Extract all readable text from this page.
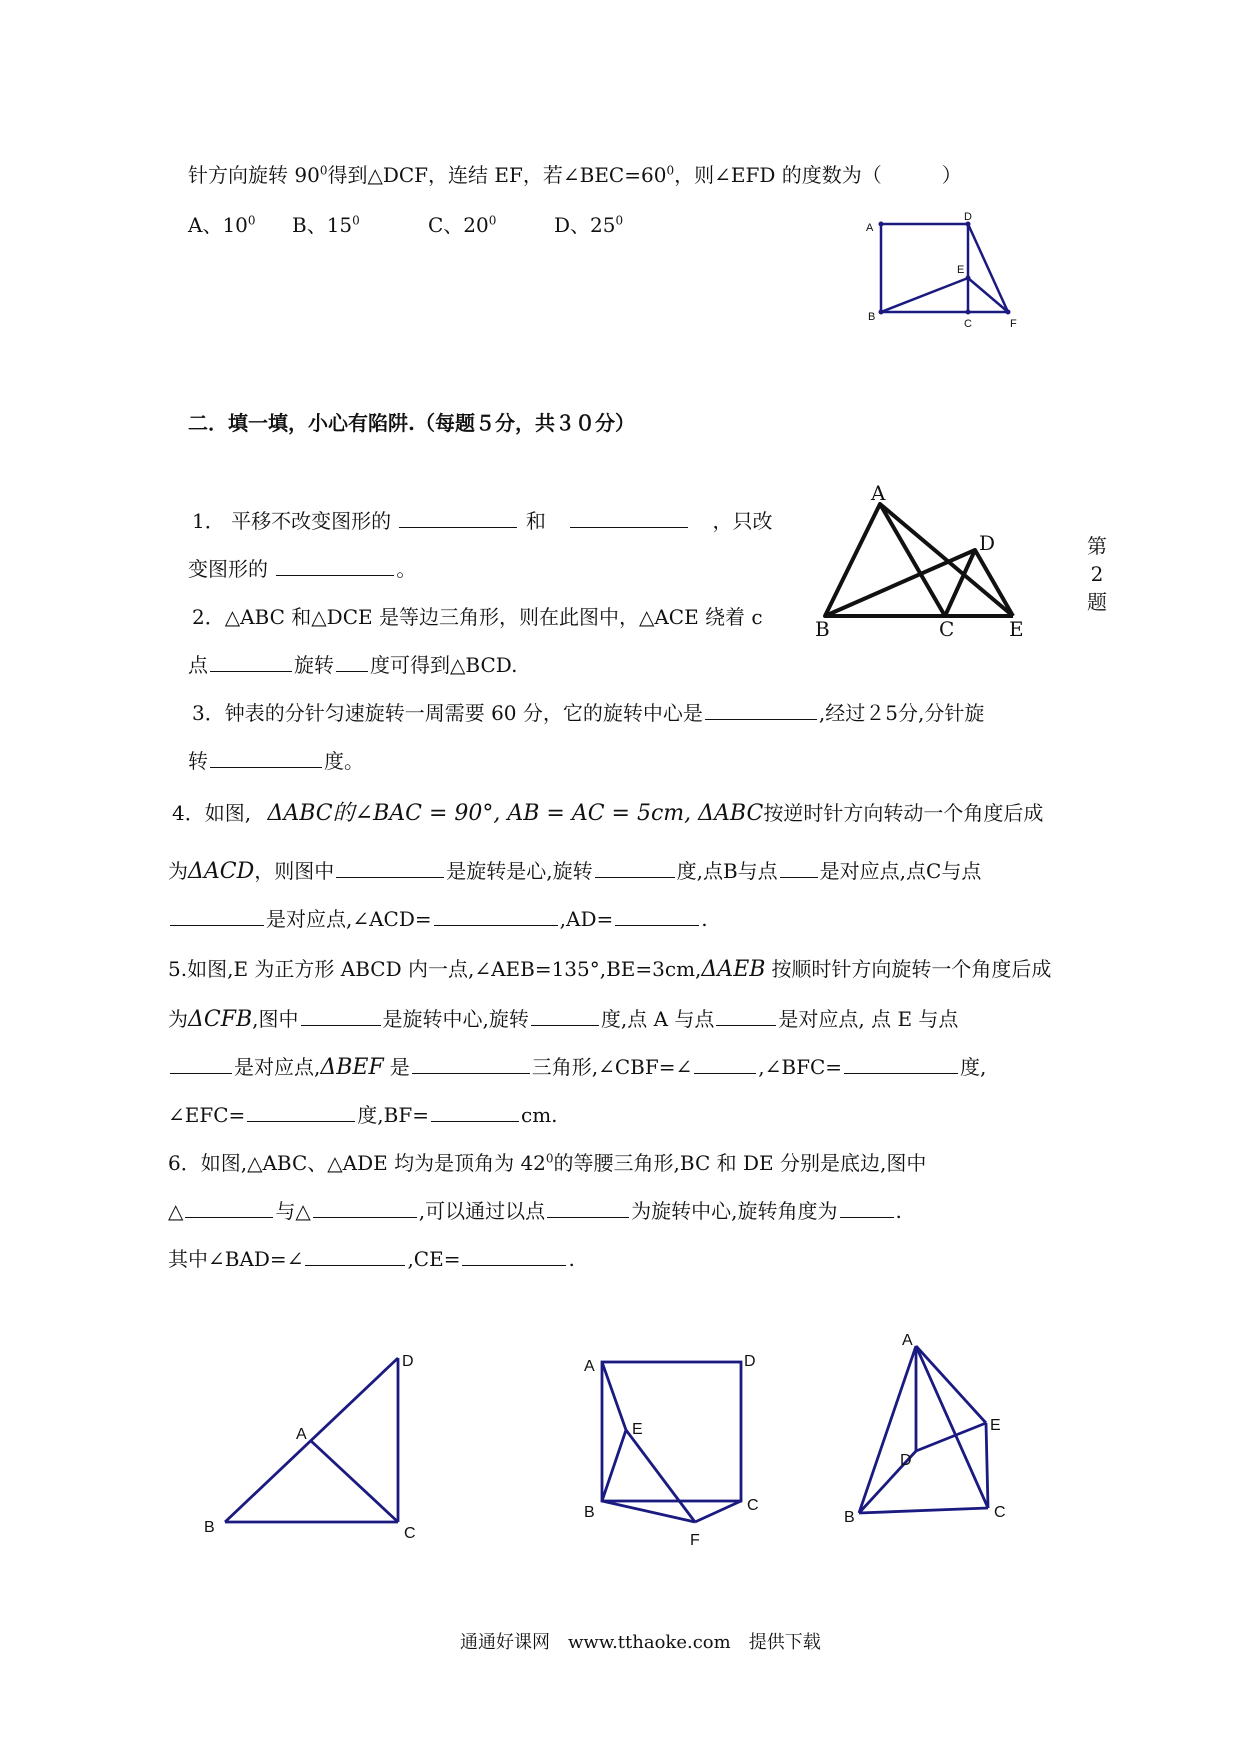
针方向旋转 $90^0$得到△DCF，连结 EF，若$\angle BEC=60^0$，则∠EFD 的度数为（　　　）
A、$10^0$ B、$15^0$	C、$20^0$	D、$25^0$
A
D
E
B
C	F
二．填一填，小心有陷阱.（每题５分，共３０分）
1． 平移不改变图形的	和	，只改
变图形的	。
A
D
B	C	E
第
2
题
2．△ABC 和△DCE 是等边三角形，则在此图中，△ACE 绕着 c
点	旋转 度可得到△BCD.
3．钟表的分针匀速旋转一周需要 60 分，它的旋转中心是	,经过２5分,分针旋
转	度。
4．如图, ΔABC的∠BAC = 90°, AB = AC = 5cm, ΔABC按逆时针方向转动一个角度后成
为ΔACD，则图中	是旋转是心,旋转	度,点B与点 是对应点,点C与点
是对应点,∠ACD=	,AD=	.
5.如图,E 为正方形 ABCD 内一点,∠AEB=135°,BE=3cm,ΔAEB 按顺时针方向旋转一个角度后成
为ΔCFB,图中	是旋转中心,旋转	度,点 A 与点	是对应点, 点 E 与点
是对应点,ΔBEF 是	三角形,∠CBF=∠	,∠BFC=	度,
∠EFC=	度,BF=	cm.
6．如图,△ABC、△ADE 均为是顶角为 $42^0$的等腰三角形,BC 和 DE 分别是底边,图中
△	与△	,可以通过以点	为旋转中心,旋转角度为	.
其中∠BAD=∠	,CE=	.
D
A
B	C
A	D
E
B	C
F
A
E
D
B	C
通通好课网　www.tthaoke.com　提供下载
